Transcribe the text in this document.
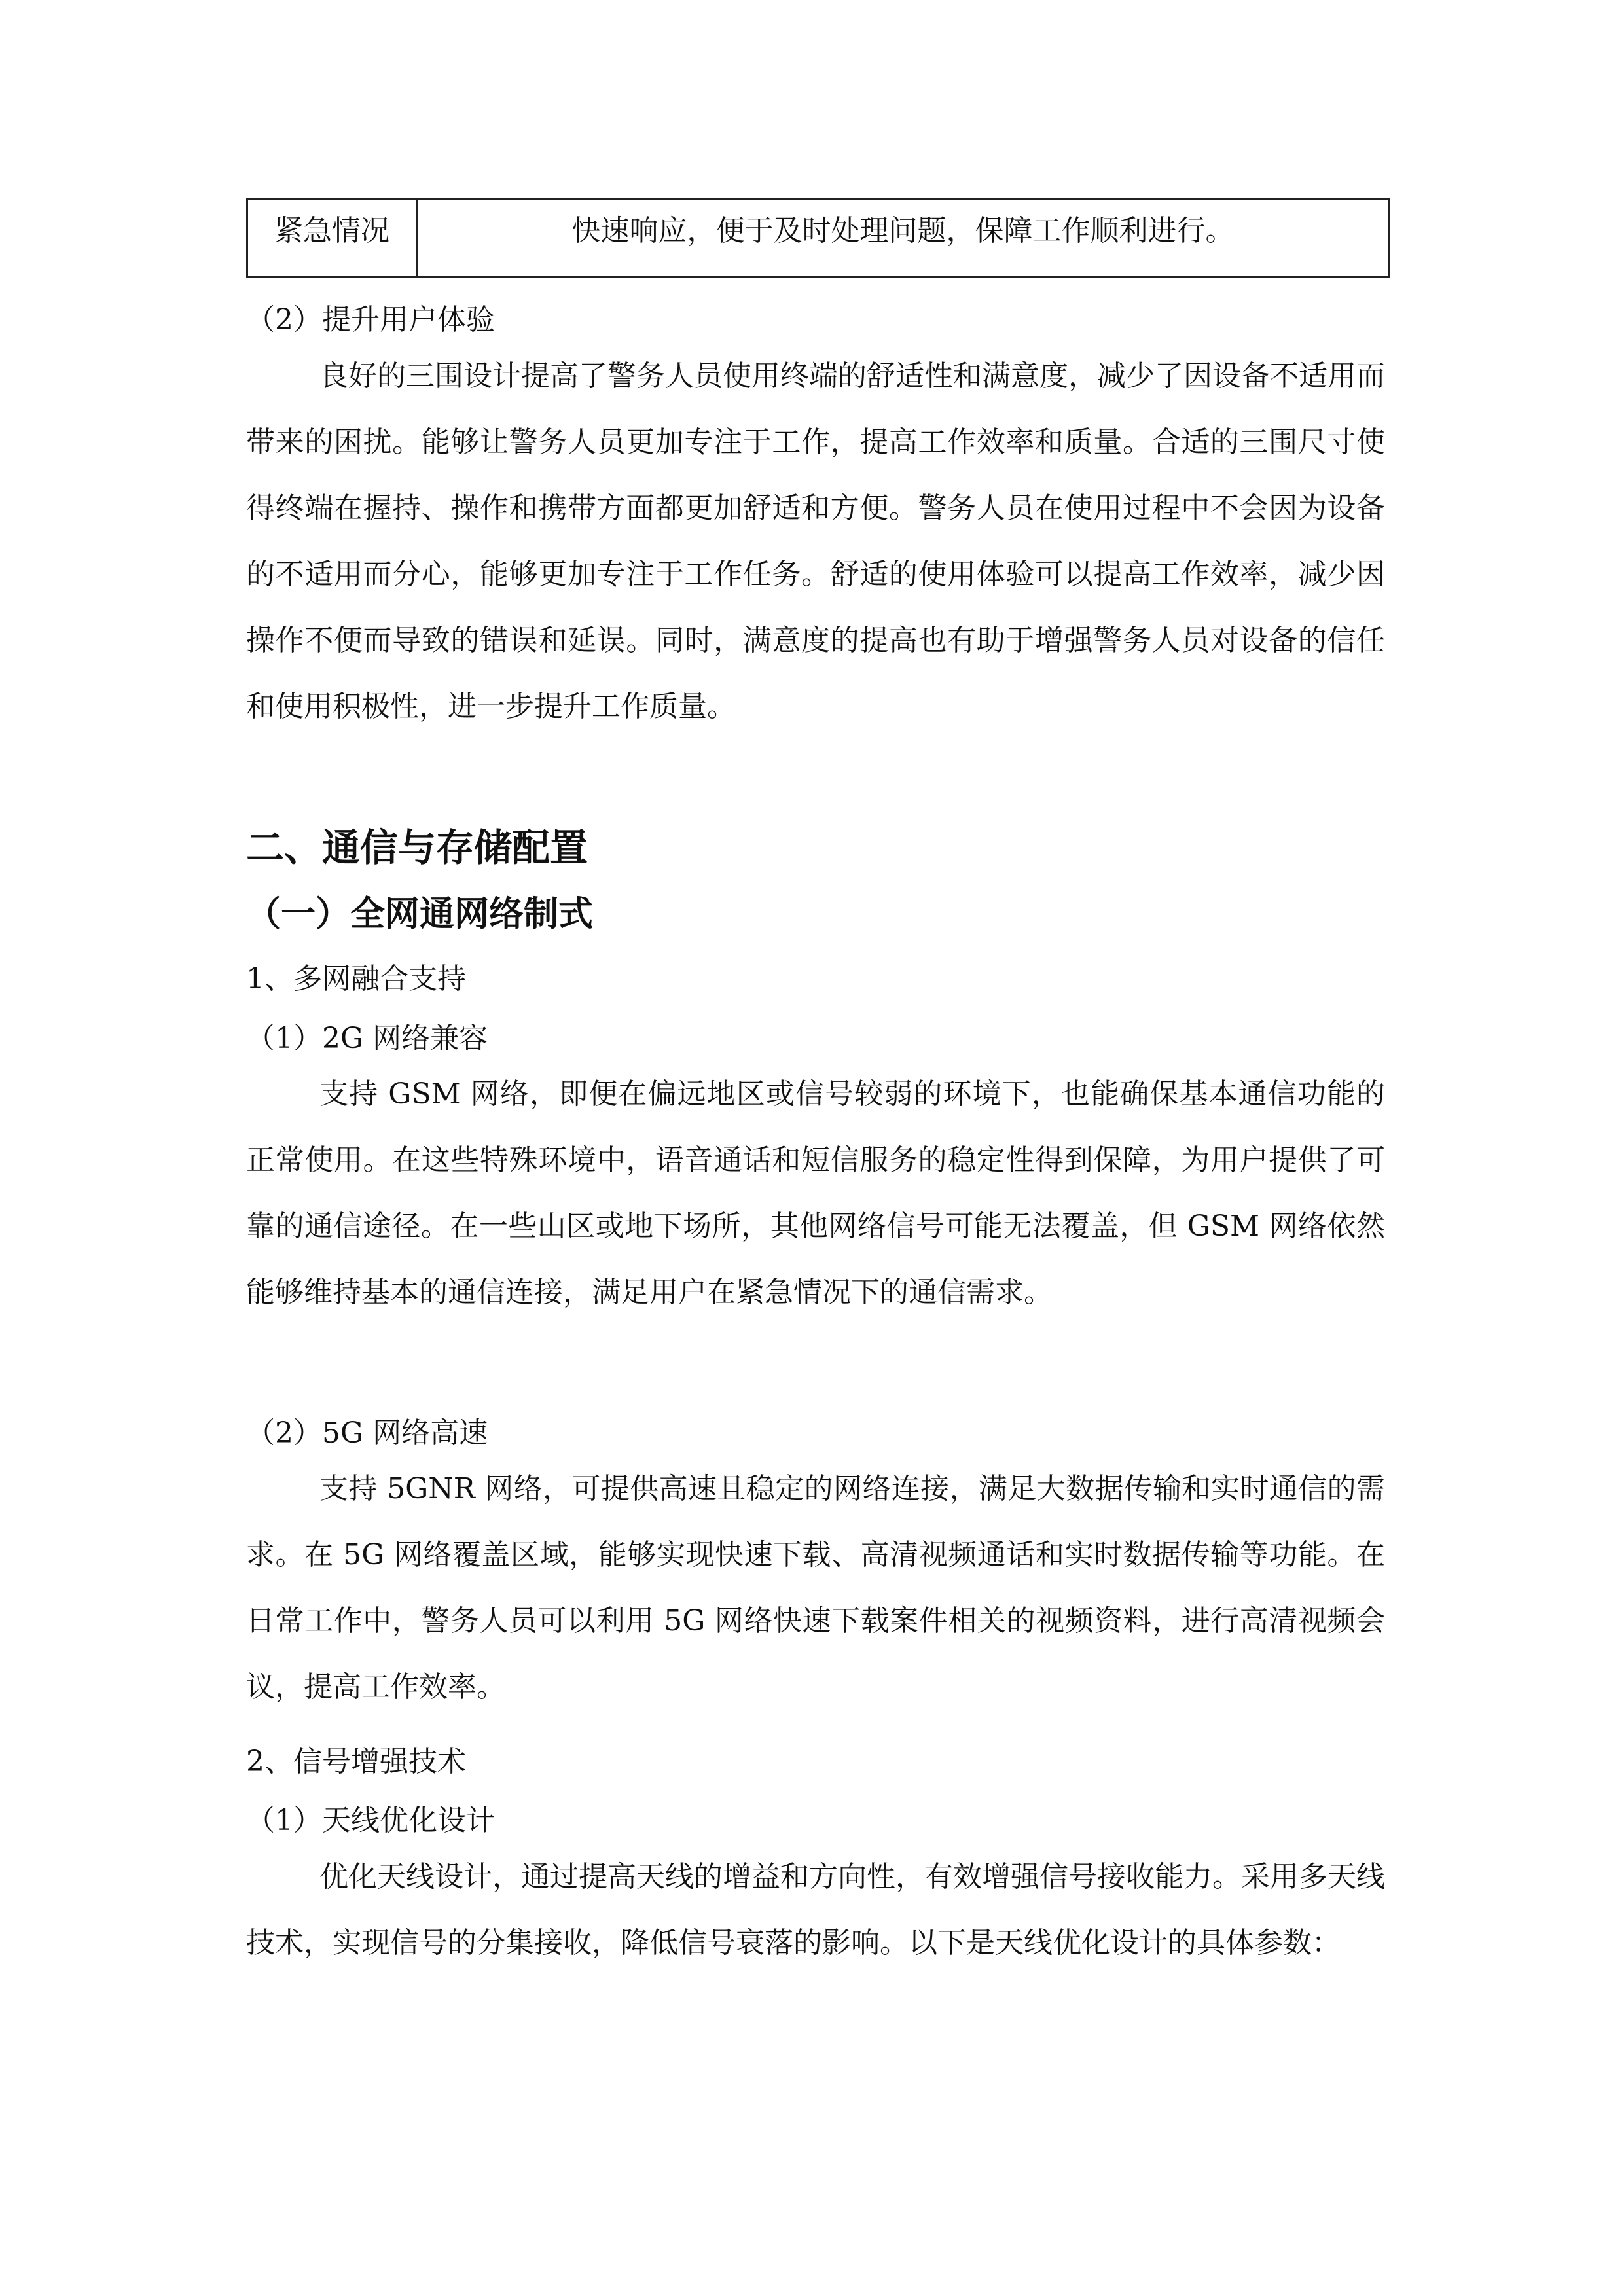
紧急情况	快速响应，便于及时处理问题，保障工作顺利进行。
（2）提升用户体验

良好的三围设计提高了警务人员使用终端的舒适性和满意度，减少了因设备不适用而带来的困扰。能够让警务人员更加专注于工作，提高工作效率和质量。合适的三围尺寸使得终端在握持、操作和携带方面都更加舒适和方便。警务人员在使用过程中不会因为设备的不适用而分心，能够更加专注于工作任务。舒适的使用体验可以提高工作效率，减少因操作不便而导致的错误和延误。同时，满意度的提高也有助于增强警务人员对设备的信任和使用积极性，进一步提升工作质量。

二、通信与存储配置
（一）全网通网络制式
1、多网融合支持
（1）2G 网络兼容

支持 GSM 网络，即便在偏远地区或信号较弱的环境下，也能确保基本通信功能的正常使用。在这些特殊环境中，语音通话和短信服务的稳定性得到保障，为用户提供了可靠的通信途径。在一些山区或地下场所，其他网络信号可能无法覆盖，但 GSM 网络依然能够维持基本的通信连接，满足用户在紧急情况下的通信需求。

（2）5G 网络高速

支持 5GNR 网络，可提供高速且稳定的网络连接，满足大数据传输和实时通信的需求。在 5G 网络覆盖区域，能够实现快速下载、高清视频通话和实时数据传输等功能。在日常工作中，警务人员可以利用 5G 网络快速下载案件相关的视频资料，进行高清视频会议，提高工作效率。

2、信号增强技术
（1）天线优化设计

优化天线设计，通过提高天线的增益和方向性，有效增强信号接收能力。采用多天线技术，实现信号的分集接收，降低信号衰落的影响。以下是天线优化设计的具体参数：
